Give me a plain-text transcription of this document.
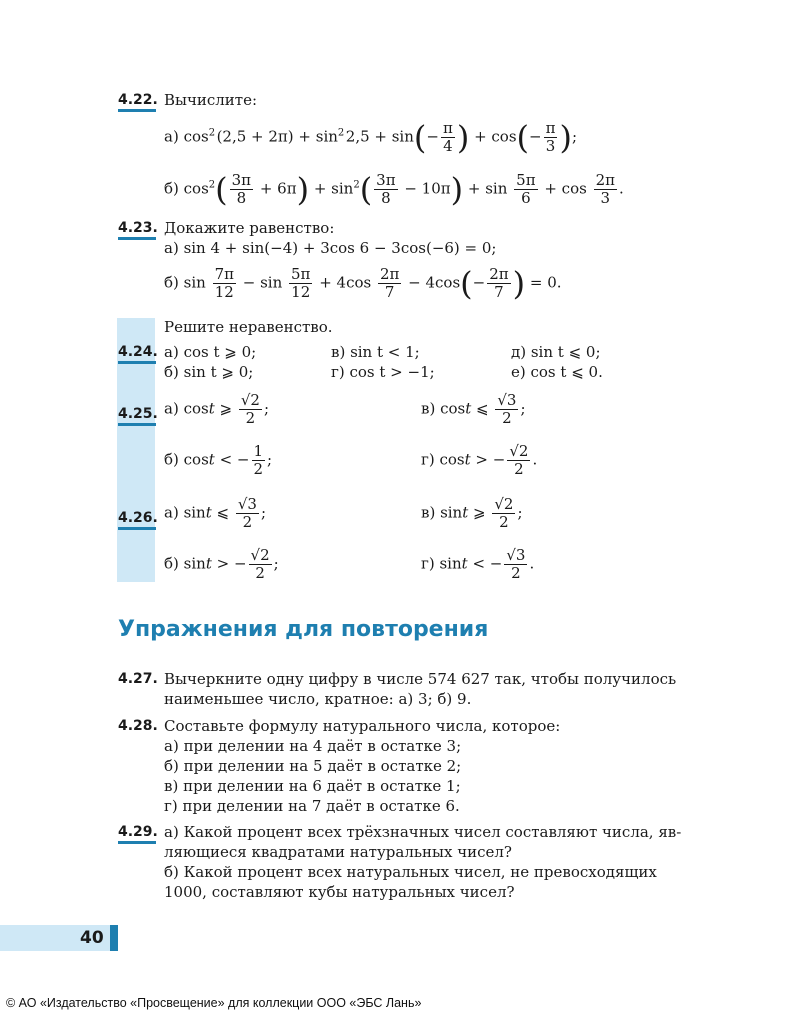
4.22. Вычислите:
а) $\cos^2$ $(2,5 + 2\pi) + \sin^2$ $2,5 + \sin(- \frac{\pi}{4}$ ) + $\cos(- \frac{\pi}{3}$ );
б) $\cos^2( \frac{3\pi}{8} + 6\pi) + \sin^2( \frac{3\pi}{8} - 10\pi) + \sin \frac{5\pi}{6} + \cos \frac{2\pi}{3}$ .
4.23. Докажите равенство:
а) sin 4 + sin(−4) + 3cos 6 − 3cos(−6) = 0;
б) $\sin \frac{7\pi}{12} - \sin \frac{5\pi}{12} + 4\cos \frac{2\pi}{7} - 4\cos(- \frac{2\pi}{7}$ ) = 0.
Решите неравенство.
4.24. а) cos t ⩾ 0;	в) sin t < 1;	д) sin t ⩽ 0;
б) sin t ⩾ 0;	г) cos t > −1;	е) cos t ⩽ 0.
4.25. а) cost ⩾ $\frac{√2}{2}$ ;	в) cost ⩽ $\frac{√3}{2}$ ;
б) cost < − $\frac{1}{2}$ ;	г) cost > − $\frac{√2}{2}$ .
4.26. а) sint ⩽ $\frac{√3}{2}$ ;	в) sint ⩾ $\frac{√2}{2}$ ;
б) sint > − $\frac{√2}{2}$ ;	г) sint < − $\frac{√3}{2}$ .
Упражнения для повторения
4.27. Вычеркните одну цифру в числе 574 627 так, чтобы получилось
наименьшее число, кратное: а) 3; б) 9.
4.28. Составьте формулу натурального числа, которое:
а) при делении на 4 даёт в остатке 3;
б) при делении на 5 даёт в остатке 2;
в) при делении на 6 даёт в остатке 1;
г) при делении на 7 даёт в остатке 6.
4.29. а) Какой процент всех трёхзначных чисел составляют числа, яв-
ляющиеся квадратами натуральных чисел?
б) Какой процент всех натуральных чисел, не превосходящих
1000, составляют кубы натуральных чисел?
40
© АО «Издательство «Просвещение» для коллекции ООО «ЭБС Лань»
